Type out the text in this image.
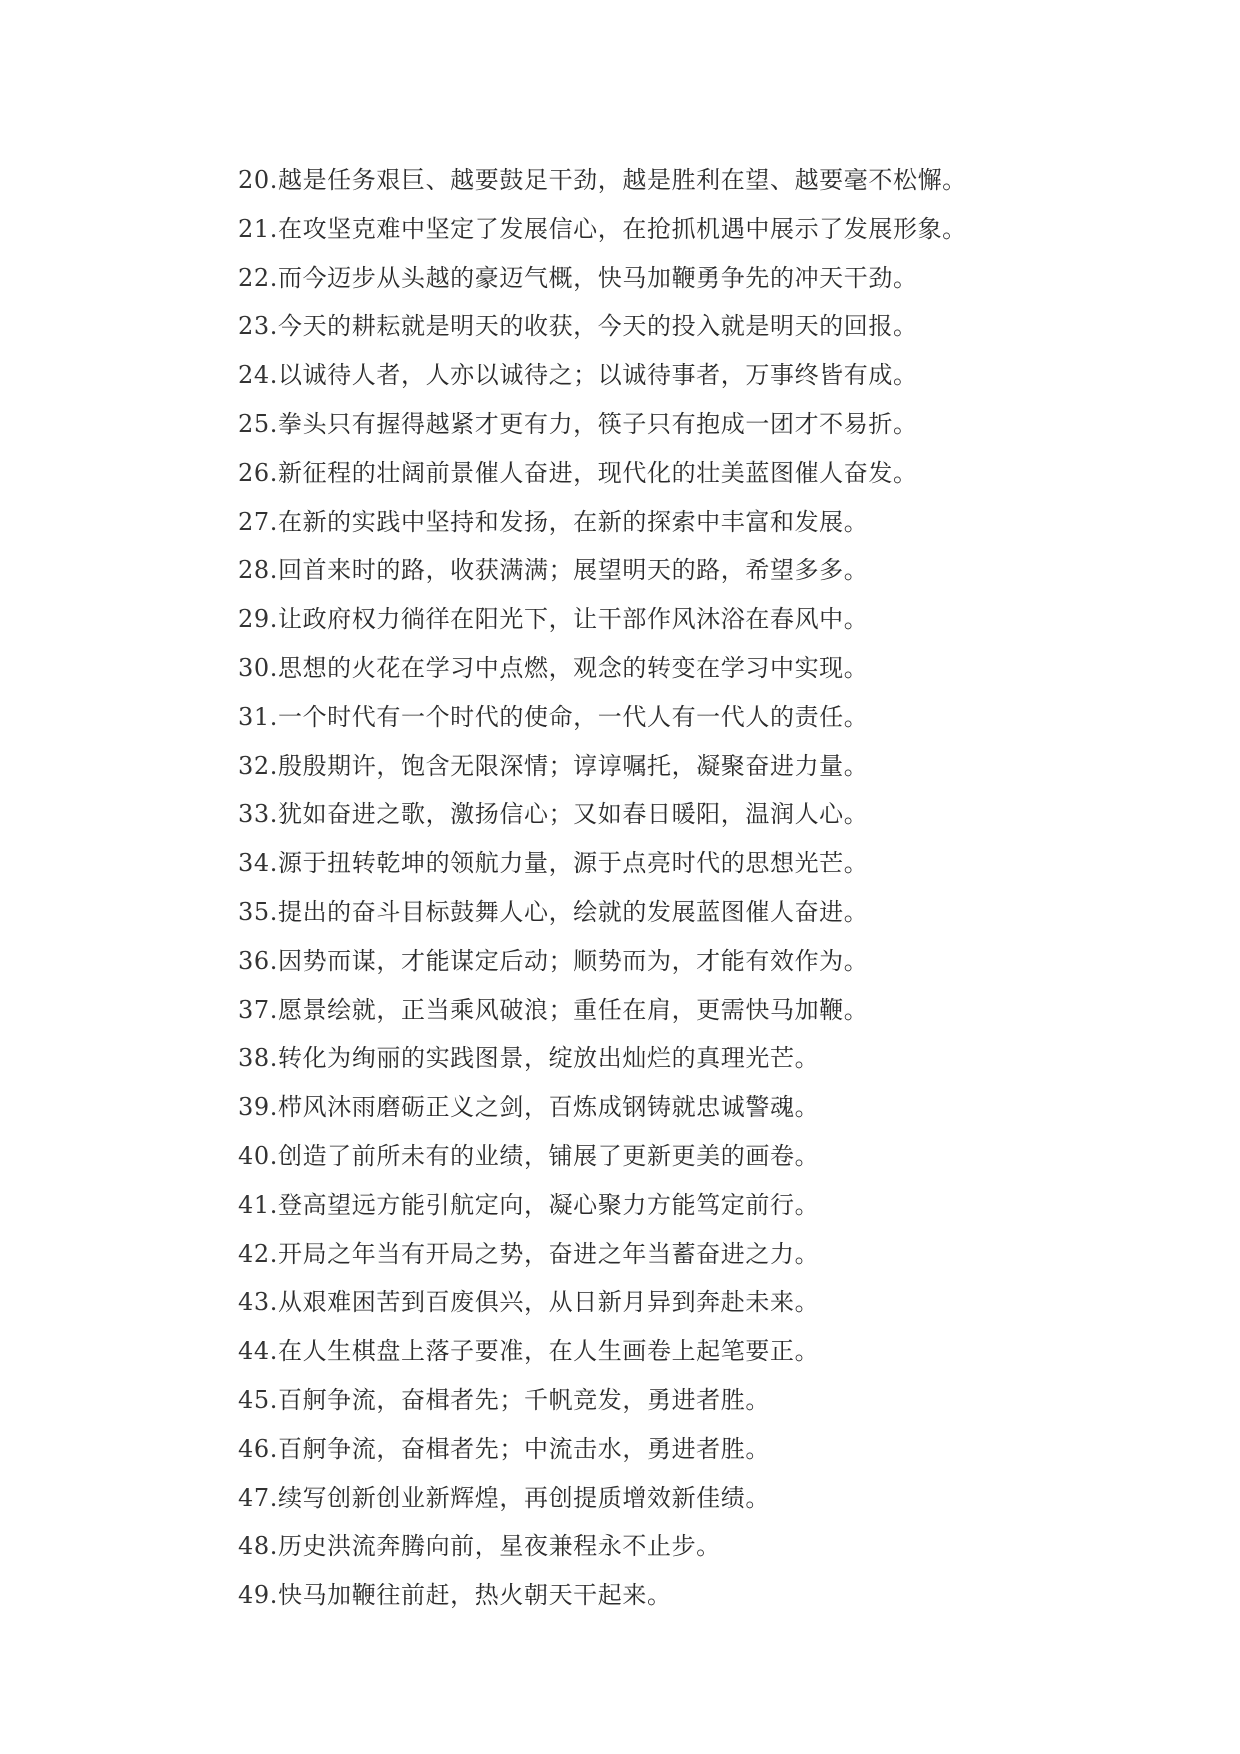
20.越是任务艰巨、越要鼓足干劲，越是胜利在望、越要毫不松懈。
21.在攻坚克难中坚定了发展信心，在抢抓机遇中展示了发展形象。
22.而今迈步从头越的豪迈气概，快马加鞭勇争先的冲天干劲。
23.今天的耕耘就是明天的收获，今天的投入就是明天的回报。
24.以诚待人者，人亦以诚待之；以诚待事者，万事终皆有成。
25.拳头只有握得越紧才更有力，筷子只有抱成一团才不易折。
26.新征程的壮阔前景催人奋进，现代化的壮美蓝图催人奋发。
27.在新的实践中坚持和发扬，在新的探索中丰富和发展。
28.回首来时的路，收获满满；展望明天的路，希望多多。
29.让政府权力徜徉在阳光下，让干部作风沐浴在春风中。
30.思想的火花在学习中点燃，观念的转变在学习中实现。
31.一个时代有一个时代的使命，一代人有一代人的责任。
32.殷殷期许，饱含无限深情；谆谆嘱托，凝聚奋进力量。
33.犹如奋进之歌，激扬信心；又如春日暖阳，温润人心。
34.源于扭转乾坤的领航力量，源于点亮时代的思想光芒。
35.提出的奋斗目标鼓舞人心，绘就的发展蓝图催人奋进。
36.因势而谋，才能谋定后动；顺势而为，才能有效作为。
37.愿景绘就，正当乘风破浪；重任在肩，更需快马加鞭。
38.转化为绚丽的实践图景，绽放出灿烂的真理光芒。
39.栉风沐雨磨砺正义之剑，百炼成钢铸就忠诚警魂。
40.创造了前所未有的业绩，铺展了更新更美的画卷。
41.登高望远方能引航定向，凝心聚力方能笃定前行。
42.开局之年当有开局之势，奋进之年当蓄奋进之力。
43.从艰难困苦到百废俱兴，从日新月异到奔赴未来。
44.在人生棋盘上落子要准，在人生画卷上起笔要正。
45.百舸争流，奋楫者先；千帆竞发，勇进者胜。
46.百舸争流，奋楫者先；中流击水，勇进者胜。
47.续写创新创业新辉煌，再创提质增效新佳绩。
48.历史洪流奔腾向前，星夜兼程永不止步。
49.快马加鞭往前赶，热火朝天干起来。
